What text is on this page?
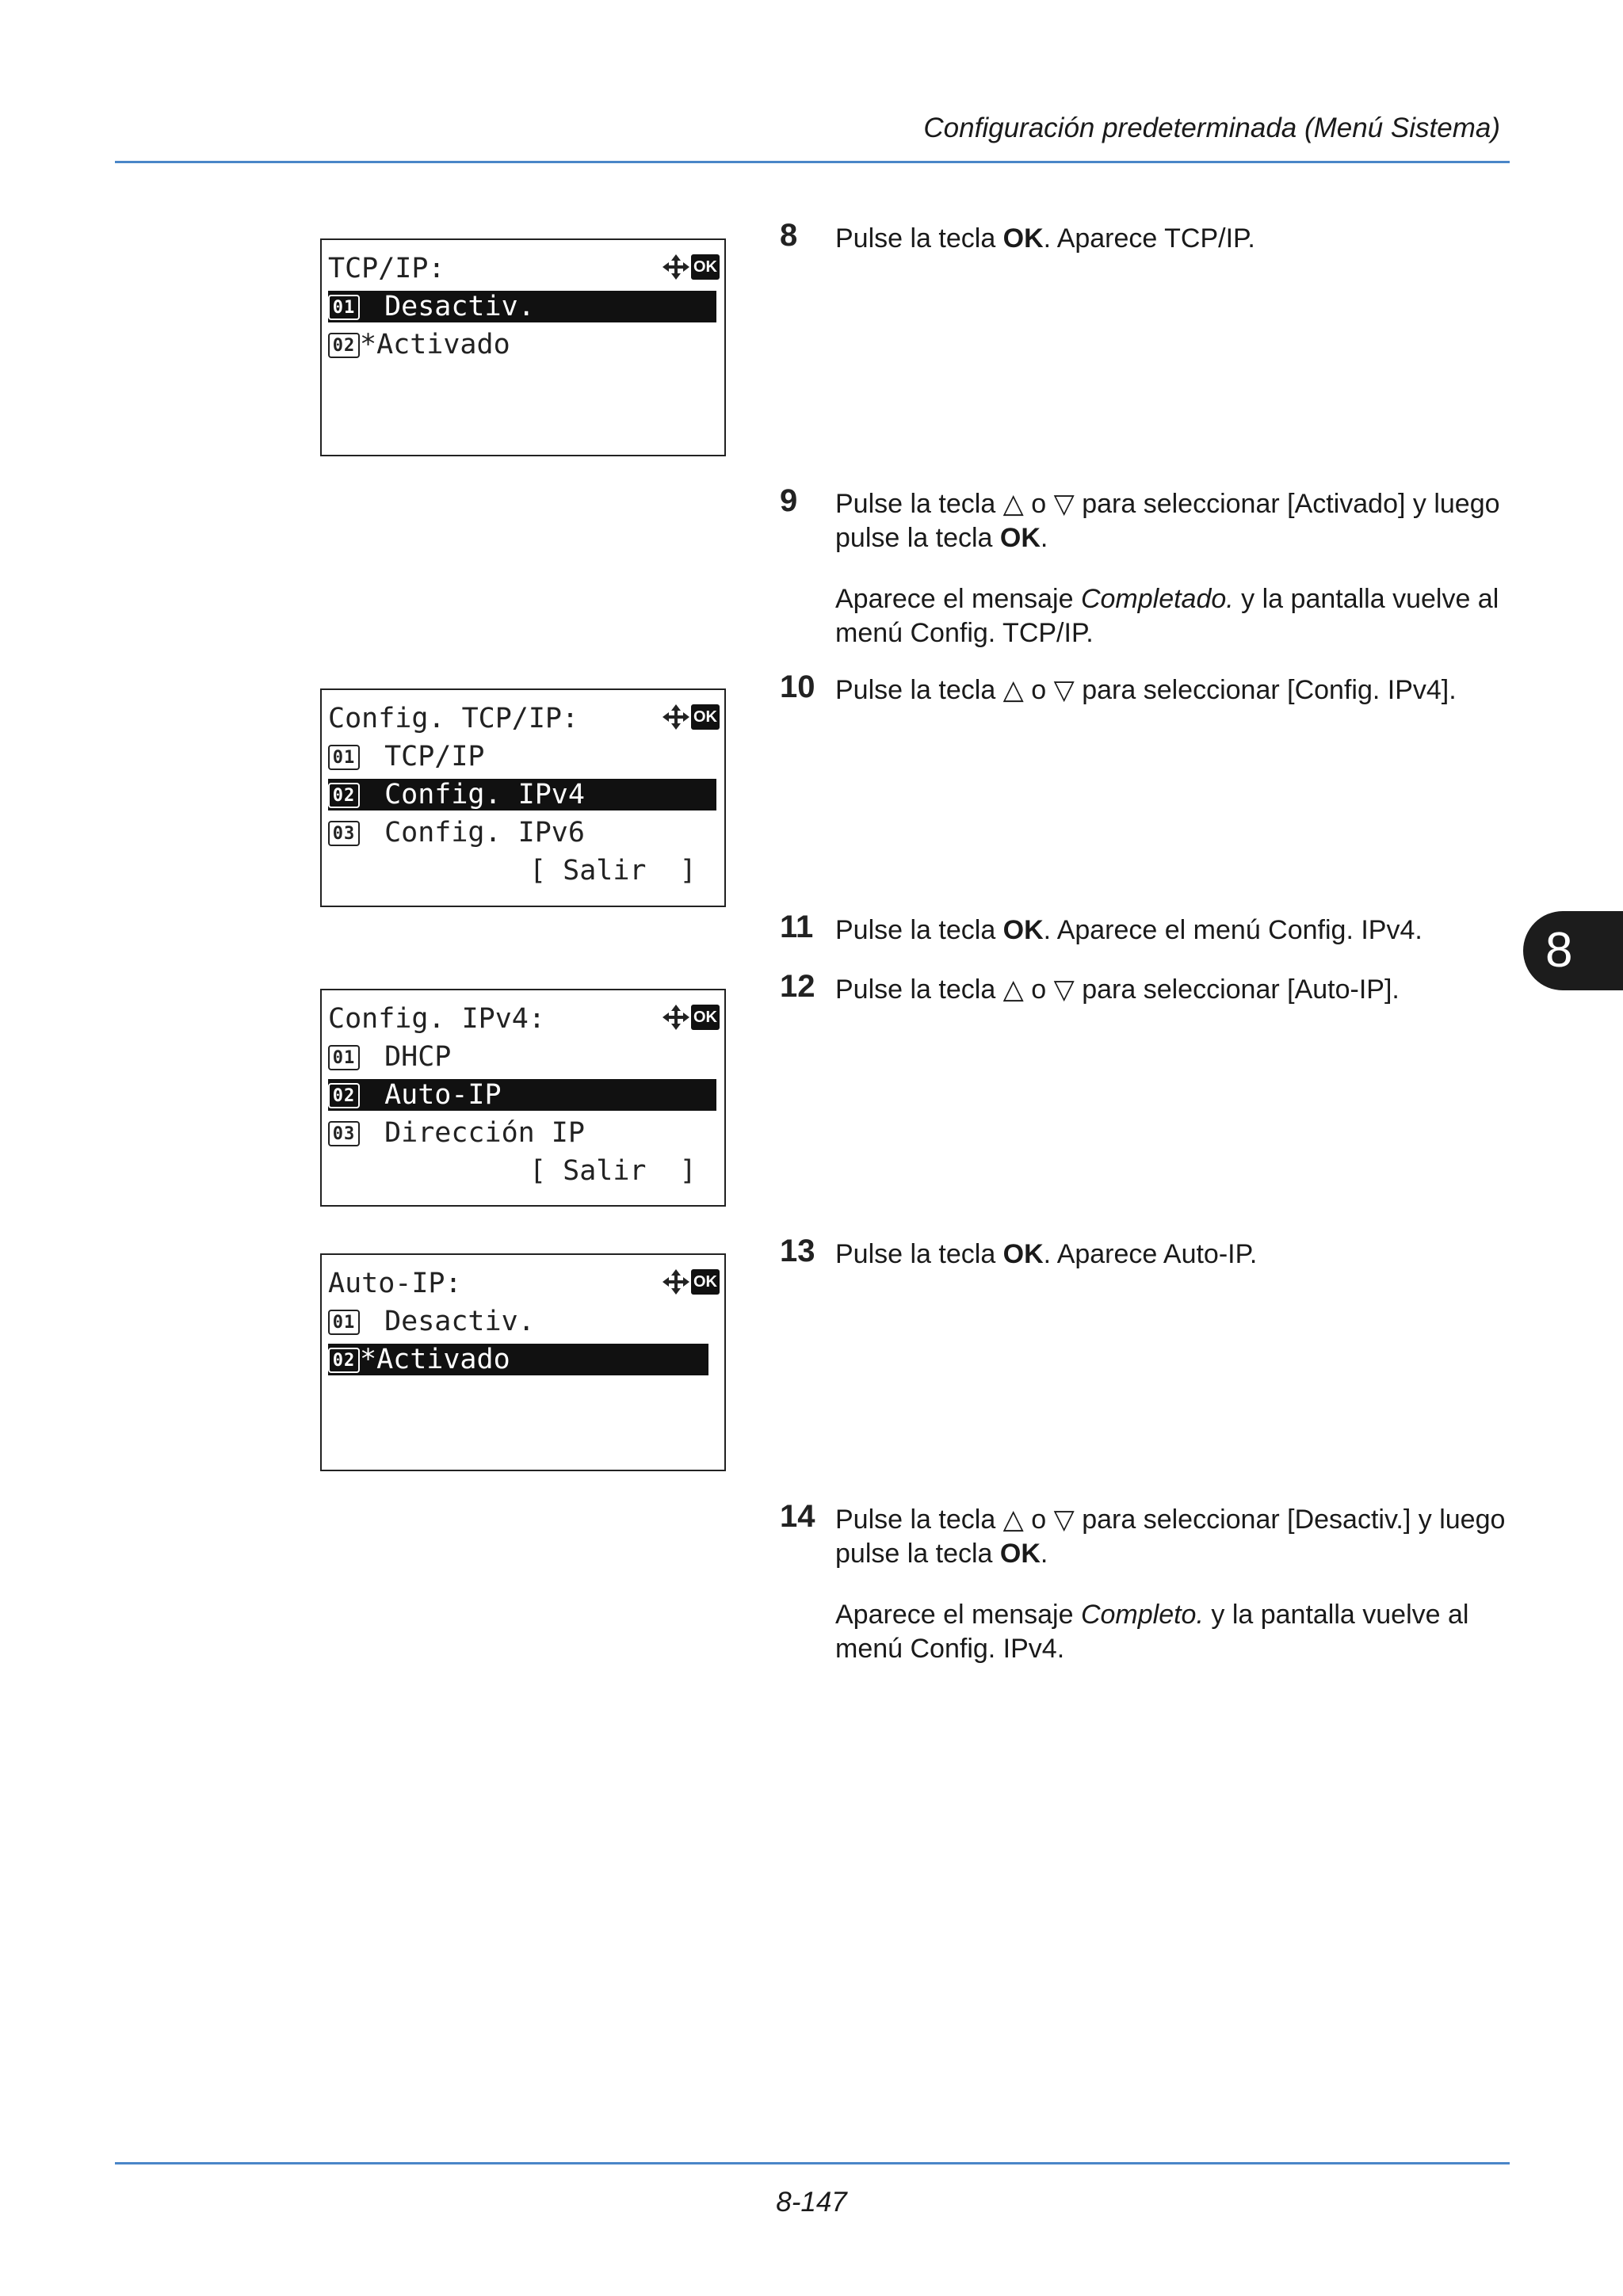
Configuración predeterminada (Menú Sistema)
8
TCP/IP:	OK
01 Desactiv.
02 *Activado
Config. TCP/IP:	OK
01 TCP/IP
02 Config. IPv4
03 Config. IPv6
[ Salir  ]
Config. IPv4:	OK
01 DHCP
02 Auto-IP
03 Dirección IP
[ Salir  ]
Auto-IP:	OK
01 Desactiv.
02 *Activado
8 Pulse la tecla OK. Aparece TCP/IP.
9 Pulse la tecla △ o ▽ para seleccionar [Activado] y luego pulse la tecla OK.
Aparece el mensaje Completado. y la pantalla vuelve al menú Config. TCP/IP.
10 Pulse la tecla △ o ▽ para seleccionar [Config. IPv4].
11 Pulse la tecla OK. Aparece el menú Config. IPv4.
12 Pulse la tecla △ o ▽ para seleccionar [Auto-IP].
13 Pulse la tecla OK. Aparece Auto-IP.
14 Pulse la tecla △ o ▽ para seleccionar [Desactiv.] y luego pulse la tecla OK.
Aparece el mensaje Completo. y la pantalla vuelve al menú Config. IPv4.
8-147
